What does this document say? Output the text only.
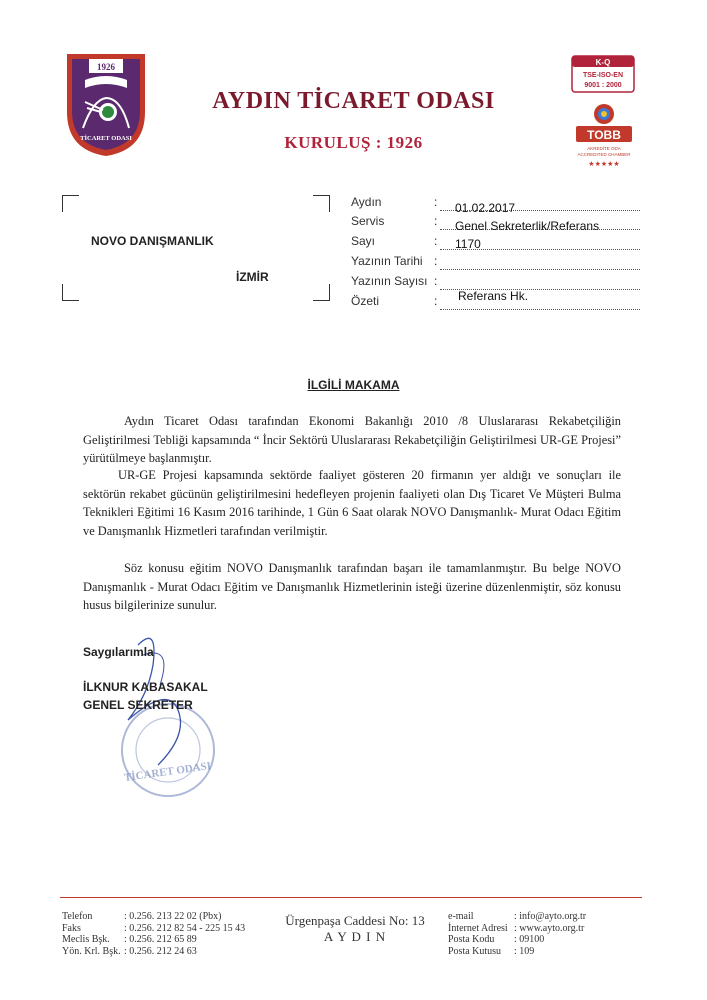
1926
TİCARET ODASI
AYDIN TİCARET ODASI
KURULUŞ : 1926
K-Q
TSE-ISO-EN
9001 : 2000
TOBB
AKREDİTE ODA
ACCREDITED CHAMBER
★★★★★
NOVO DANIŞMANLIK
İZMİR
Aydın	: 01.02.2017
Servis	: Genel Sekreterlik/Referans
Sayı	: 1170
Yazının Tarihi :
Yazının Sayısı :
Özeti	: Referans Hk.
İLGİLİ MAKAMA

Aydın Ticaret Odası tarafından Ekonomi Bakanlığı 2010 /8 Uluslararası Rekabetçiliğin Geliştirilmesi Tebliği kapsamında “ İncir Sektörü Uluslararası Rekabetçiliğin Geliştirilmesi UR-GE Projesi” yürütülmeye başlanmıştır.

UR-GE Projesi kapsamında sektörde faaliyet gösteren 20 firmanın yer aldığı ve sonuçları ile sektörün rekabet gücünün geliştirilmesini hedefleyen projenin faaliyeti olan Dış Ticaret Ve Müşteri Bulma Teknikleri Eğitimi 16 Kasım 2016 tarihinde, 1 Gün 6 Saat olarak NOVO Danışmanlık- Murat Odacı Eğitim ve Danışmanlık Hizmetleri tarafından verilmiştir.

Söz konusu eğitim NOVO Danışmanlık tarafından başarı ile tamamlanmıştır. Bu belge NOVO Danışmanlık - Murat Odacı Eğitim ve Danışmanlık Hizmetlerinin isteği üzerine düzenlenmiştir, söz konusu husus bilgilerinize sunulur.

TİCARET ODASI
Saygılarımla
İLKNUR KABASAKAL
GENEL SEKRETER
Telefon	: 0.256. 213 22 02 (Pbx)
Faks	: 0.256. 212 82 54 - 225 15 43
Meclis Bşk.	: 0.256. 212 65 89
Yön. Krl. Bşk. : 0.256. 212 24 63
Ürgenpaşa Caddesi No: 13
A Y D I N
e-mail	: info@ayto.org.tr
İnternet Adresi : www.ayto.org.tr
Posta Kodu	: 09100
Posta Kutusu	: 109
